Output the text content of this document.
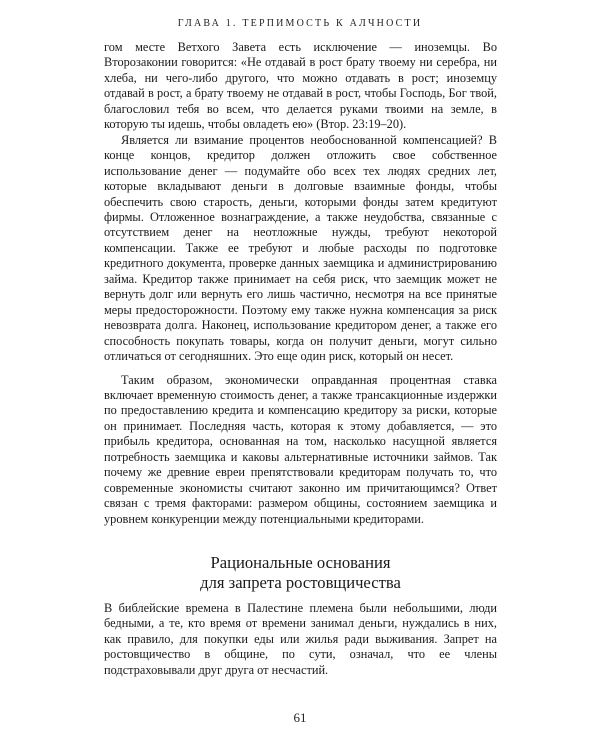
ГЛАВА 1. ТЕРПИМОСТЬ К АЛЧНОСТИ

гом месте Ветхого Завета есть исключение — иноземцы. Во Второзаконии говорится: «Не отдавай в рост брату твоему ни серебра, ни хлеба, ни чего-либо другого, что можно отдавать в рост; иноземцу отдавай в рост, а брату твоему не отдавай в рост, чтобы Господь, Бог твой, благословил тебя во всем, что делается руками твоими на земле, в которую ты идешь, чтобы овладеть ею» (Втор. 23:19–20).

Является ли взимание процентов необоснованной компенсацией? В конце концов, кредитор должен отложить свое собственное использование денег — подумайте обо всех тех людях средних лет, которые вкладывают деньги в долговые взаимные фонды, чтобы обеспечить свою старость, деньги, которыми фонды затем кредитуют фирмы. Отложенное вознаграждение, а также неудобства, связанные с отсутствием денег на неотложные нужды, требуют некоторой компенсации. Также ее требуют и любые расходы по подготовке кредитного документа, проверке данных заемщика и администрированию займа. Кредитор также принимает на себя риск, что заемщик может не вернуть долг или вернуть его лишь частично, несмотря на все принятые меры предосторожности. Поэтому ему также нужна компенсация за риск невозврата долга. Наконец, использование кредитором денег, а также его способность покупать товары, когда он получит деньги, могут сильно отличаться от сегодняшних. Это еще один риск, который он несет.

Таким образом, экономически оправданная процентная ставка включает временную стоимость денег, а также трансакционные издержки по предоставлению кредита и компенсацию кредитору за риски, которые он принимает. Последняя часть, которая к этому добавляется, — это прибыль кредитора, основанная на том, насколько насущной является потребность заемщика и каковы альтернативные источники займов. Так почему же древние евреи препятствовали кредиторам получать то, что современные экономисты считают законно им причитающимся? Ответ связан с тремя факторами: размером общины, состоянием заемщика и уровнем конкуренции между потенциальными кредиторами.

Рациональные основания
для запрета ростовщичества

В библейские времена в Палестине племена были небольшими, люди бедными, а те, кто время от времени занимал деньги, нуждались в них, как правило, для покупки еды или жилья ради выживания. Запрет на ростовщичество в общине, по сути, означал, что ее члены подстраховывали друг друга от несчастий.

61
